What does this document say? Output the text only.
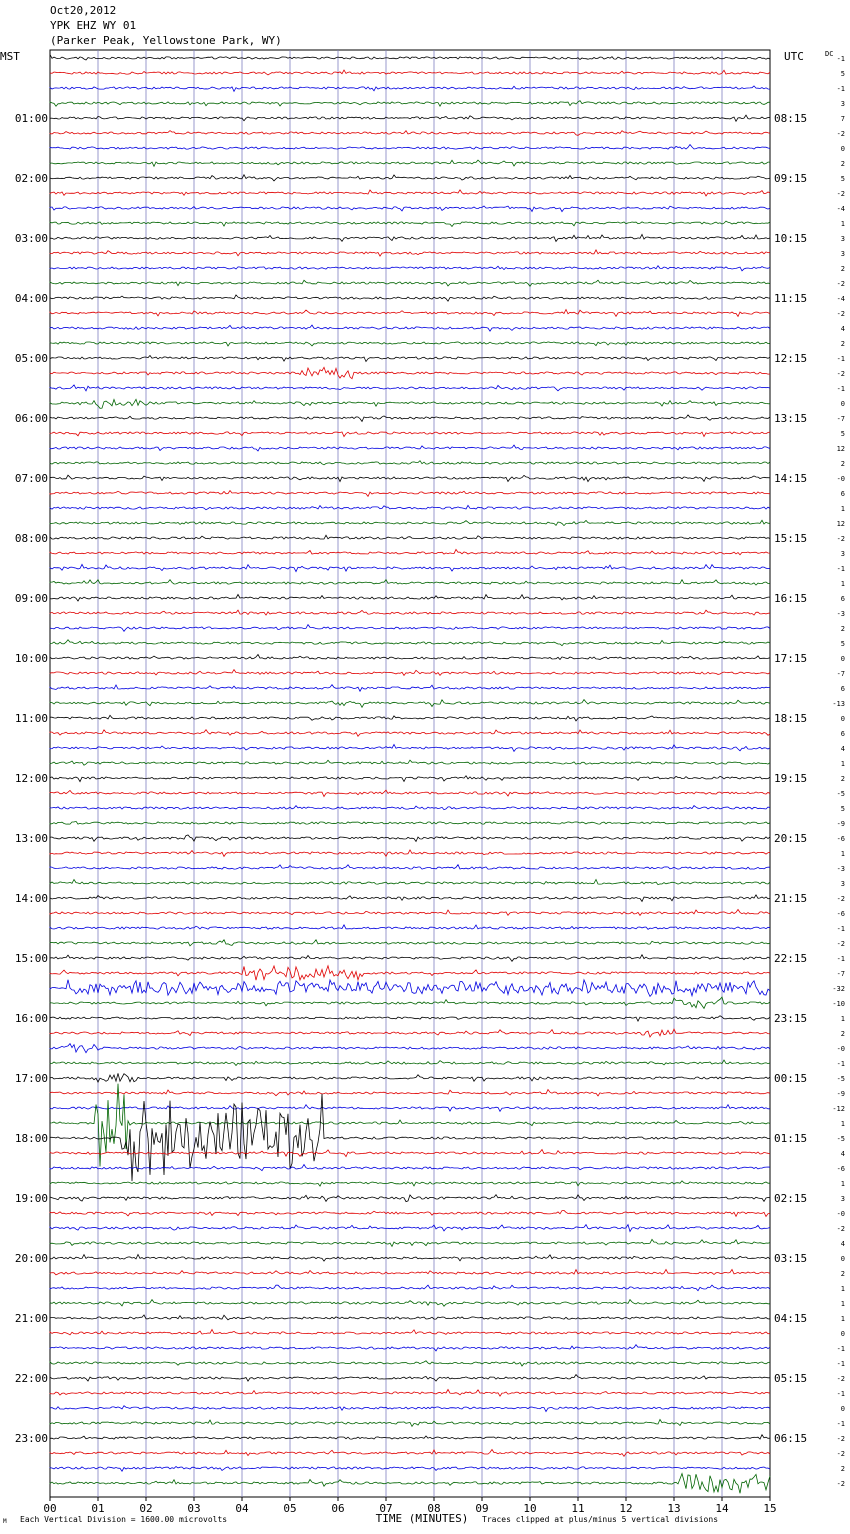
Oct20,2012
YPK EHZ WY 01
(Parker Peak, Yellowstone Park, WY)
-1
5
-1
3
7
-2
0
2
5
-2
-4
1
3
3
2
-2
-4
-2
4
2
-1
-2
-1
0
-7
5
12
2
-0
6
1
12
-2
3
-1
1
6
-3
2
5
0
-7
6
-13
0
6
4
1
2
-5
5
-9
-6
1
-3
3
-2
-6
-1
-2
-1
-7
-32
-10
1
2
-0
-1
-5
-9
-12
1
-5
4
-6
1
3
-0
-2
4
0
2
1
1
1
0
-1
-1
-2
-1
0
-1
-2
-2
2
-2
MST	UTC	DC
01:00
02:00
03:00
04:00
05:00
06:00
07:00
08:00
09:00
10:00
11:00
12:00
13:00
14:00
15:00
16:00
17:00
18:00
19:00
20:00
21:00
22:00
23:00
08:15
09:15
10:15
11:15
12:15
13:15
14:15
15:15
16:15
17:15
18:15
19:15
20:15
21:15
22:15
23:15
00:15
01:15
02:15
03:15
04:15
05:15
06:15
00	01	02	03	04	05	06	07	08	09	10	11	12	13	14	15
TIME (MINUTES)
Each Vertical Division = 1600.00 microvolts	Traces clipped at plus/minus 5 vertical divisions
M
